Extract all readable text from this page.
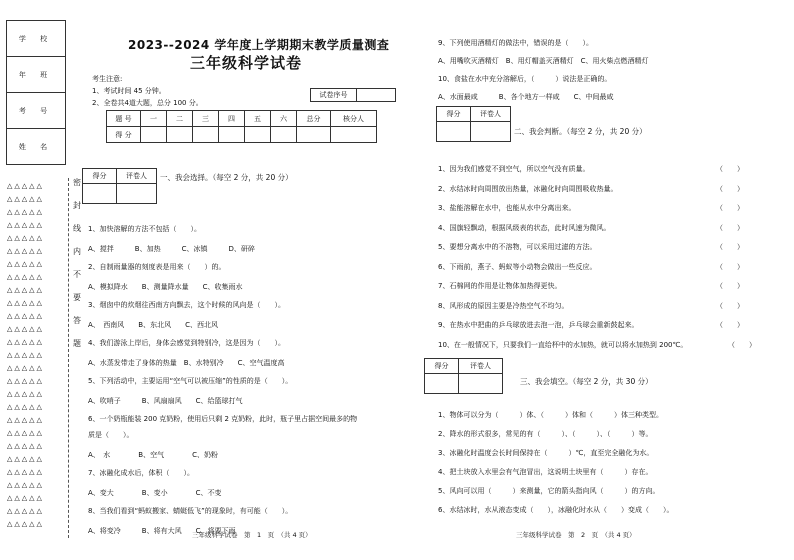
学 校
年 班
考 号
姓 名
△△△△△
△△△△△
△△△△△
△△△△△
△△△△△
△△△△△
△△△△△
△△△△△
△△△△△
△△△△△
△△△△△
△△△△△
△△△△△
△△△△△
△△△△△
△△△△△
△△△△△
△△△△△
△△△△△
△△△△△
△△△△△
△△△△△
△△△△△
△△△△△
△△△△△
△△△△△
△△△△△
密
封
线
内
不
要
答
题
2023--2024 学年度上学期期末教学质量测查
三年级科学试卷
考生注意:
1、考试时间 45 分钟。
2、全卷共4道大题，总分 100 分。
试卷序号
题 号	一	二	三	四	五	六	总分	核分人
得 分								
得分	评卷人
	一、我会选择。（每空 2 分，共 20 分）
1、加快溶解的方法不包括（　　）。
A、搅拌　　　B、加热　　　C、冰镇　　　D、研碎
2、自制雨量器的刻度表是用来（　　）的。
A、模拟降水　　B、测量降水量　　C、收集雨水
3、烟囱中的炊烟往西南方向飘去，这个时候的风向是（　　）。
A、　西南风　　B、东北风　　C、西北风
4、我们游泳上岸后，身体会感觉到特别冷，这是因为（　　）。
A、水蒸发带走了身体的热量　B、水特别冷　　C、空气温度高
5、下列活动中，主要运用“空气可以被压缩”的性质的是（　　）。
A、吹哨子　　　B、风扇扇风　　C、给篮球打气
6、一个奶瓶能装 200 克奶粉，使用后只剩 2 克奶粉，此时，瓶子里占据空间最多的物
质是（　　）。
A、　水　　　　B、空气　　　　C、奶粉
7、冰融化成水后，体积（　　）。
A、变大　　　　B、变小　　　　C、不变
8、当我们看到“蚂蚁搬家、蜻蜓低飞”的现象时，有可能（　　）。
A、将变冷　　　B、将有大风　　C、将要下雨
9、下列使用酒精灯的做法中，错误的是（　　）。
A、用嘴吹灭酒精灯　B、用灯帽盖灭酒精灯　C、用火柴点燃酒精灯
10、食盐在水中充分溶解后，（　　　）说法是正确的。
A、水面最咸　　　B、各个地方一样咸　　C、中间最咸
得分	评卷人

二、我会判断。（每空 2 分，共 20 分）
1、因为我们感觉不到空气，所以空气没有质量。	（　　）
2、水结冰时向周围放出热量，冰融化时向周围吸收热量。	（　　）
3、盐能溶解在水中，也能从水中分离出来。	（　　）
4、国旗轻飘动，根据风级表的状态，此时风速为微风。	（　　）
5、要想分离水中的不溶物，可以采用过滤的方法。	（　　）
6、下雨前，燕子、蚂蚁等小动物会做出一些反应。	（　　）
7、石棉网的作用是让物体加热得更快。	（　　）
8、风形成的原因主要是冷热空气不均匀。	（　　）
9、在热水中把曲的乒乓球放进去泡一泡，乒乓球会重新鼓起来。	（　　）
10、在一般情况下，只要我们一直给杯中的水加热，就可以将水加热到 200℃。	（　　）
得分	评卷人

三、我会填空。（每空 2 分，共 30 分）
1、物体可以分为（　　　）体、（　　　）体和（　　　）体三种类型。
2、降水的形式很多，常见的有（　　　）、（　　　）、（　　　）等。
3、冰融化时温度会长时间保持在（　　　）℃，直至完全融化为水。
4、把土块放入水里会有气泡冒出，这说明土块里有（　　　）存在。
5、风向可以用（　　　）来测量，它的箭头指向风（　　　）的方向。
6、水结冰时，水从液态变成（　　），冰融化时水从（　　）变成（　　）。
三年级科学试卷　第　1　页　（共 4 页）	三年级科学试卷　第　2　页　（共 4 页）
